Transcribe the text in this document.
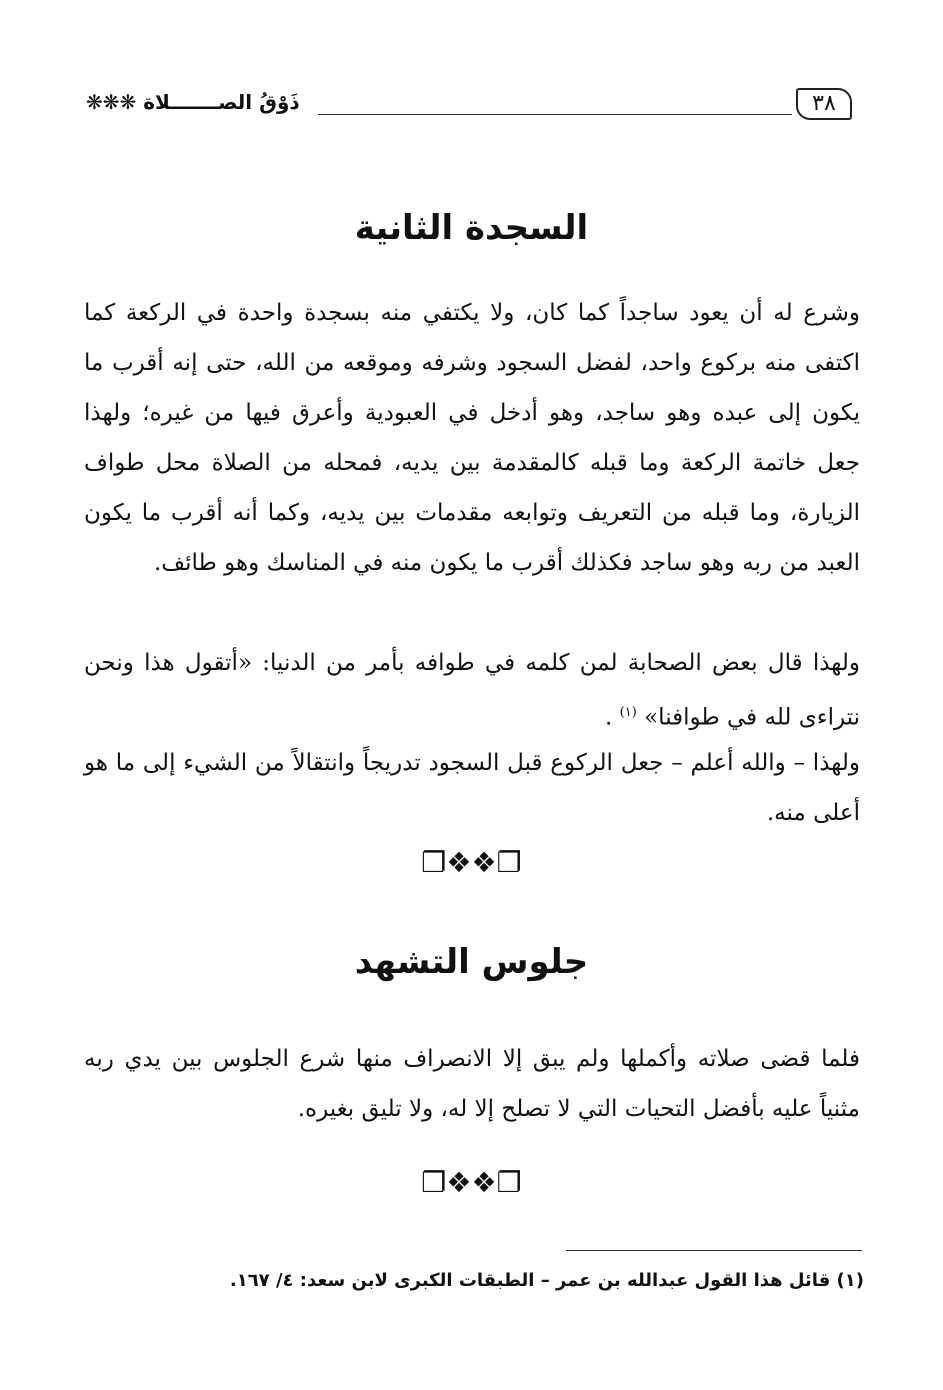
٣٨
ذَوْقُ الصـــــــلاة ❋❋❋
السجدة الثانية

وشرع له أن يعود ساجداً كما كان، ولا يكتفي منه بسجدة واحدة في الركعة كما اكتفى منه بركوع واحد، لفضل السجود وشرفه وموقعه من الله، حتى إنه أقرب ما يكون إلى عبده وهو ساجد، وهو أدخل في العبودية وأعرق فيها من غيره؛ ولهذا جعل خاتمة الركعة وما قبله كالمقدمة بين يديه، فمحله من الصلاة محل طواف الزيارة، وما قبله من التعريف وتوابعه مقدمات بين يديه، وكما أنه أقرب ما يكون العبد من ربه وهو ساجد فكذلك أقرب ما يكون منه في المناسك وهو طائف.

ولهذا قال بعض الصحابة لمن كلمه في طوافه بأمر من الدنيا: «أتقول هذا ونحن نتراءى لله في طوافنا» $^{(١)}$ .

ولهذا – والله أعلم – جعل الركوع قبل السجود تدريجاً وانتقالاً من الشيء إلى ما هو أعلى منه.

❐❖❖❐
جلوس التشهد

فلما قضى صلاته وأكملها ولم يبق إلا الانصراف منها شرع الجلوس بين يدي ربه مثنياً عليه بأفضل التحيات التي لا تصلح إلا له، ولا تليق بغيره.

❐❖❖❐
(١) قائل هذا القول عبدالله بن عمر – الطبقات الكبرى لابن سعد: ٤/ ١٦٧.
